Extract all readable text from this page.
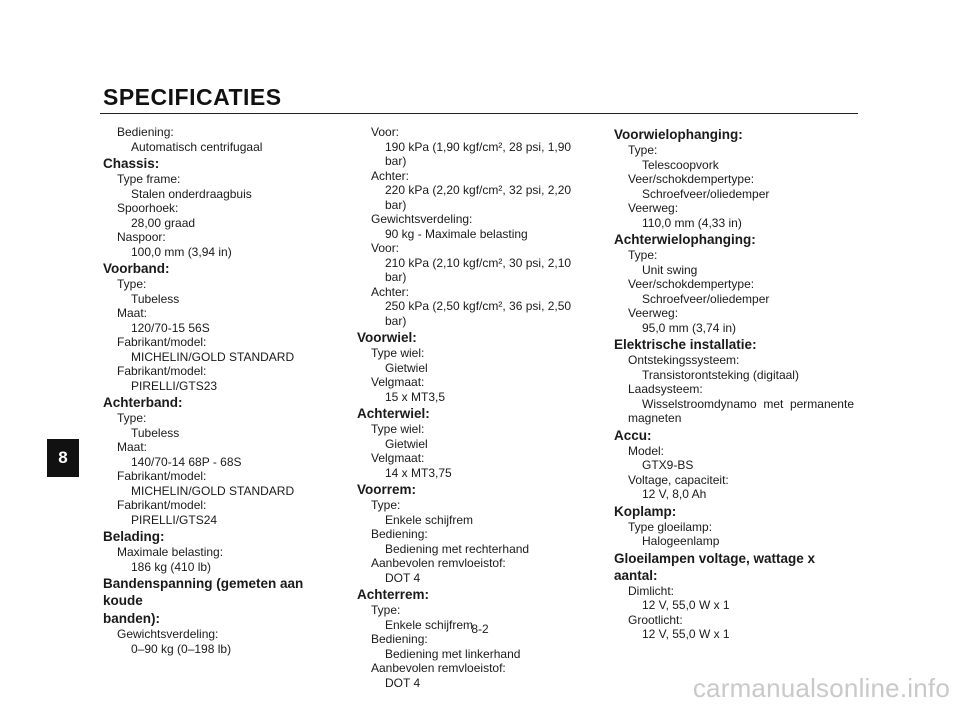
SPECIFICATIES
8
Bediening:
Automatisch centrifugaal
Chassis:
Type frame:
Stalen onderdraagbuis
Spoorhoek:
28,00 graad
Naspoor:
100,0 mm (3,94 in)
Voorband:
Type:
Tubeless
Maat:
120/70-15 56S
Fabrikant/model:
MICHELIN/GOLD STANDARD
Fabrikant/model:
PIRELLI/GTS23
Achterband:
Type:
Tubeless
Maat:
140/70-14 68P - 68S
Fabrikant/model:
MICHELIN/GOLD STANDARD
Fabrikant/model:
PIRELLI/GTS24
Belading:
Maximale belasting:
186 kg (410 lb)
Bandenspanning (gemeten aan koude
banden):
Gewichtsverdeling:
0–90 kg (0–198 lb)
Voor:
190 kPa (1,90 kgf/cm², 28 psi, 1,90 bar)
Achter:
220 kPa (2,20 kgf/cm², 32 psi, 2,20 bar)
Gewichtsverdeling:
90 kg - Maximale belasting
Voor:
210 kPa (2,10 kgf/cm², 30 psi, 2,10 bar)
Achter:
250 kPa (2,50 kgf/cm², 36 psi, 2,50 bar)
Voorwiel:
Type wiel:
Gietwiel
Velgmaat:
15 x MT3,5
Achterwiel:
Type wiel:
Gietwiel
Velgmaat:
14 x MT3,75
Voorrem:
Type:
Enkele schijfrem
Bediening:
Bediening met rechterhand
Aanbevolen remvloeistof:
DOT 4
Achterrem:
Type:
Enkele schijfrem
Bediening:
Bediening met linkerhand
Aanbevolen remvloeistof:
DOT 4
Voorwielophanging:
Type:
Telescoopvork
Veer/schokdempertype:
Schroefveer/oliedemper
Veerweg:
110,0 mm (4,33 in)
Achterwielophanging:
Type:
Unit swing
Veer/schokdempertype:
Schroefveer/oliedemper
Veerweg:
95,0 mm (3,74 in)
Elektrische installatie:
Ontstekingssysteem:
Transistorontsteking (digitaal)
Laadsysteem:
Wisselstroomdynamo met permanente
magneten
Accu:
Model:
GTX9-BS
Voltage, capaciteit:
12 V, 8,0 Ah
Koplamp:
Type gloeilamp:
Halogeenlamp
Gloeilampen voltage, wattage x aantal:
Dimlicht:
12 V, 55,0 W x 1
Grootlicht:
12 V, 55,0 W x 1
8-2
carmanualsonline.info
